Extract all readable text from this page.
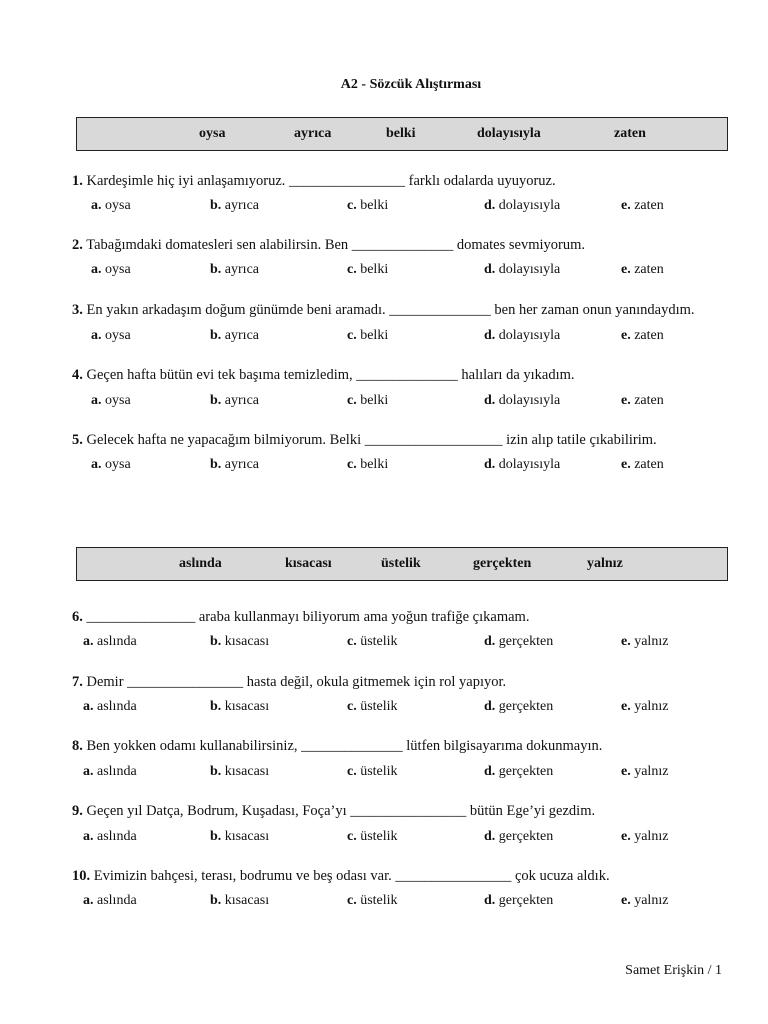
A2 - Sözcük Alıştırması
oysa	ayrıca	belki	dolayısıyla	zaten
1. Kardeşimle hiç iyi anlaşamıyoruz. ________________ farklı odalarda uyuyoruz.
a. oysa	b. ayrıca	c. belki	d. dolayısıyla	e. zaten
2. Tabağımdaki domatesleri sen alabilirsin. Ben ______________ domates sevmiyorum.
a. oysa	b. ayrıca	c. belki	d. dolayısıyla	e. zaten
3. En yakın arkadaşım doğum günümde beni aramadı. ______________ ben her zaman onun yanındaydım.
a. oysa	b. ayrıca	c. belki	d. dolayısıyla	e. zaten
4. Geçen hafta bütün evi tek başıma temizledim, ______________ halıları da yıkadım.
a. oysa	b. ayrıca	c. belki	d. dolayısıyla	e. zaten
5. Gelecek hafta ne yapacağım bilmiyorum. Belki ___________________ izin alıp tatile çıkabilirim.
a. oysa	b. ayrıca	c. belki	d. dolayısıyla	e. zaten
aslında	kısacası	üstelik	gerçekten	yalnız
6. _______________ araba kullanmayı biliyorum ama yoğun trafiğe çıkamam.
a. aslında	b. kısacası	c. üstelik	d. gerçekten	e. yalnız
7. Demir ________________ hasta değil, okula gitmemek için rol yapıyor.
a. aslında	b. kısacası	c. üstelik	d. gerçekten	e. yalnız
8. Ben yokken odamı kullanabilirsiniz, ______________ lütfen bilgisayarıma dokunmayın.
a. aslında	b. kısacası	c. üstelik	d. gerçekten	e. yalnız
9. Geçen yıl Datça, Bodrum, Kuşadası, Foça’yı ________________ bütün Ege’yi gezdim.
a. aslında	b. kısacası	c. üstelik	d. gerçekten	e. yalnız
10. Evimizin bahçesi, terası, bodrumu ve beş odası var. ________________ çok ucuza aldık.
a. aslında	b. kısacası	c. üstelik	d. gerçekten	e. yalnız
Samet Erişkin / 1
